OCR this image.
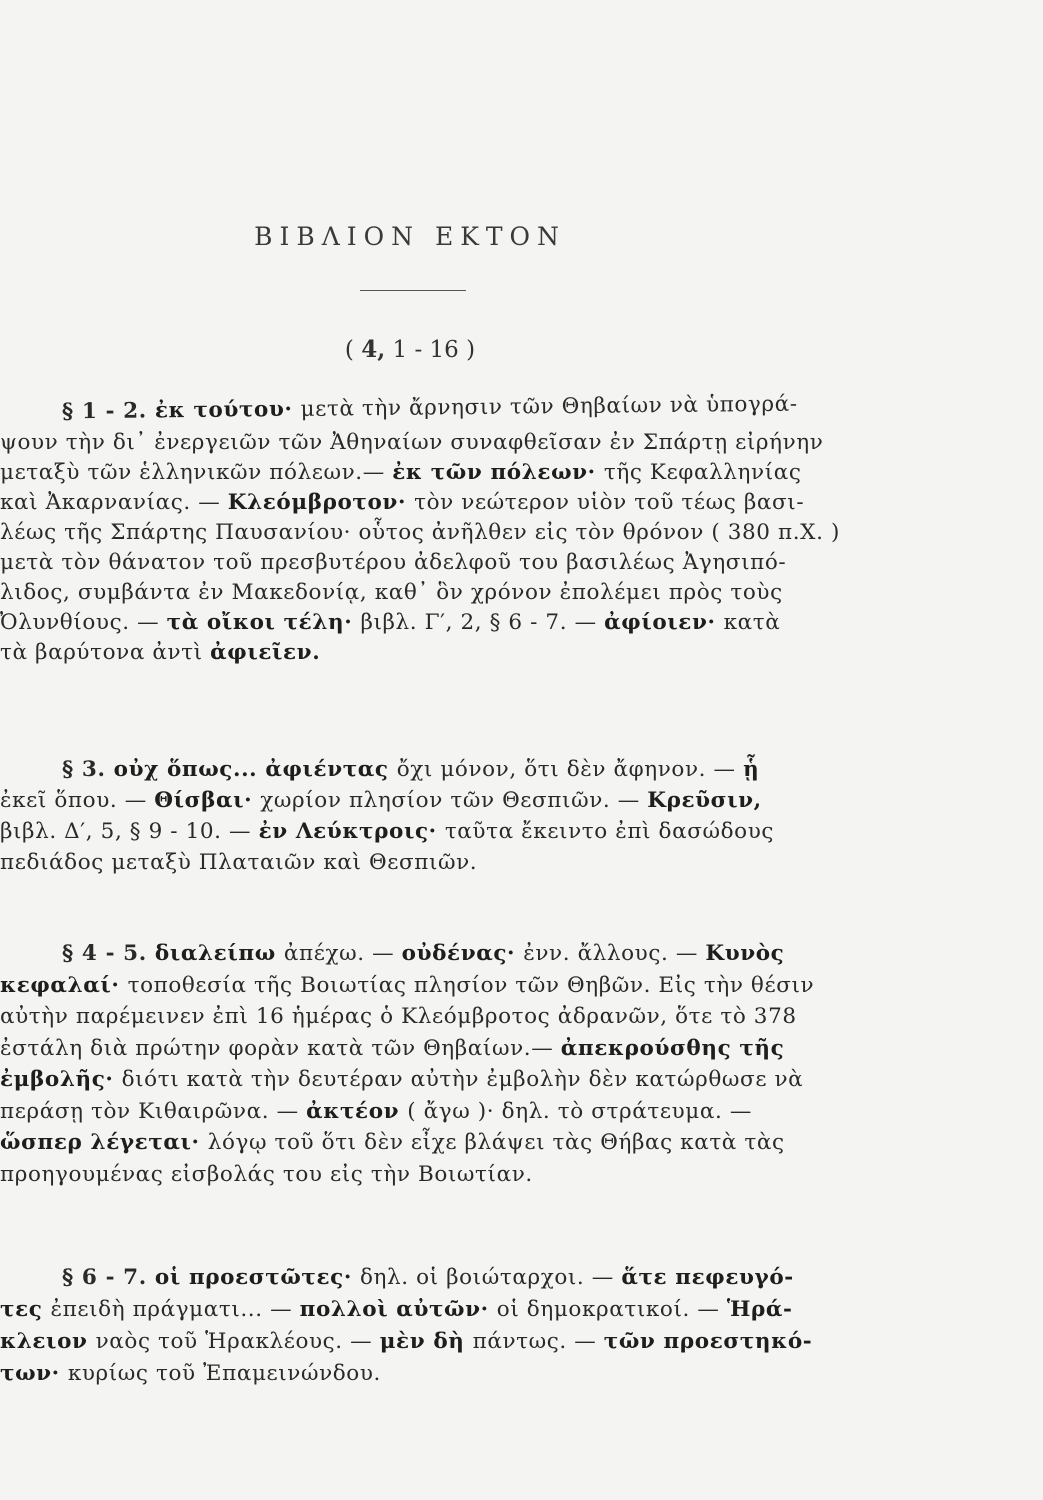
ΒΙΒΛΙΟΝ ΕΚΤΟΝ
( 4, 1 - 16 )
§ 1 - 2. ἐκ τούτου· μετὰ τὴν ἄρνησιν τῶν Θηβαίων νὰ ὑπογρά-
ψουν τὴν δι᾽ ἐνεργειῶν τῶν Ἀθηναίων συναφθεῖσαν ἐν Σπάρτῃ εἰρήνην
μεταξὺ τῶν ἑλληνικῶν πόλεων.— ἐκ τῶν πόλεων· τῆς Κεφαλληνίας
καὶ Ἀκαρνανίας. — Κλεόμβροτον· τὸν νεώτερον υἱὸν τοῦ τέως βασι-
λέως τῆς Σπάρτης Παυσανίου· οὗτος ἀνῆλθεν εἰς τὸν θρόνον ( 380 π.Χ. )
μετὰ τὸν θάνατον τοῦ πρεσβυτέρου ἀδελφοῦ του βασιλέως Ἀγησιπό-
λιδος, συμβάντα ἐν Μακεδονίᾳ, καθ᾽ ὃν χρόνον ἐπολέμει πρὸς τοὺς
Ὀλυνθίους. — τὰ οἴκοι τέλη· βιβλ. Γ′, 2, § 6 - 7. — ἀφίοιεν· κατὰ
τὰ βαρύτονα ἀντὶ ἀφιεῖεν.
§ 3. οὐχ ὅπως... ἀφιέντας ὄχι μόνον, ὅτι δὲν ἄφηνον. — ᾗ
ἐκεῖ ὅπου. — Θίσβαι· χωρίον πλησίον τῶν Θεσπιῶν. — Κρεῦσιν,
βιβλ. Δ′, 5, § 9 - 10. — ἐν Λεύκτροις· ταῦτα ἔκειντο ἐπὶ δασώδους
πεδιάδος μεταξὺ Πλαταιῶν καὶ Θεσπιῶν.
§ 4 - 5. διαλείπω ἀπέχω. — οὐδένας· ἐνν. ἄλλους. — Κυνὸς
κεφαλαί· τοποθεσία τῆς Βοιωτίας πλησίον τῶν Θηβῶν. Εἰς τὴν θέσιν
αὐτὴν παρέμεινεν ἐπὶ 16 ἡμέρας ὁ Κλεόμβροτος ἀδρανῶν, ὅτε τὸ 378
ἐστάλη διὰ πρώτην φορὰν κατὰ τῶν Θηβαίων.— ἀπεκρούσθης τῆς
ἐμβολῆς· διότι κατὰ τὴν δευτέραν αὐτὴν ἐμβολὴν δὲν κατώρθωσε νὰ
περάσῃ τὸν Κιθαιρῶνα. — ἀκτέον ( ἄγω )· δηλ. τὸ στράτευμα. —
ὥσπερ λέγεται· λόγῳ τοῦ ὅτι δὲν εἶχε βλάψει τὰς Θήβας κατὰ τὰς
προηγουμένας εἰσβολάς του εἰς τὴν Βοιωτίαν.
§ 6 - 7. οἱ προεστῶτες· δηλ. οἱ βοιώταρχοι. — ἅτε πεφευγό-
τες ἐπειδὴ πράγματι... — πολλοὶ αὐτῶν· οἱ δημοκρατικοί. — Ἡρά-
κλειον ναὸς τοῦ Ἡρακλέους. — μὲν δὴ πάντως. — τῶν προεστηκό-
των· κυρίως τοῦ Ἐπαμεινώνδου.
